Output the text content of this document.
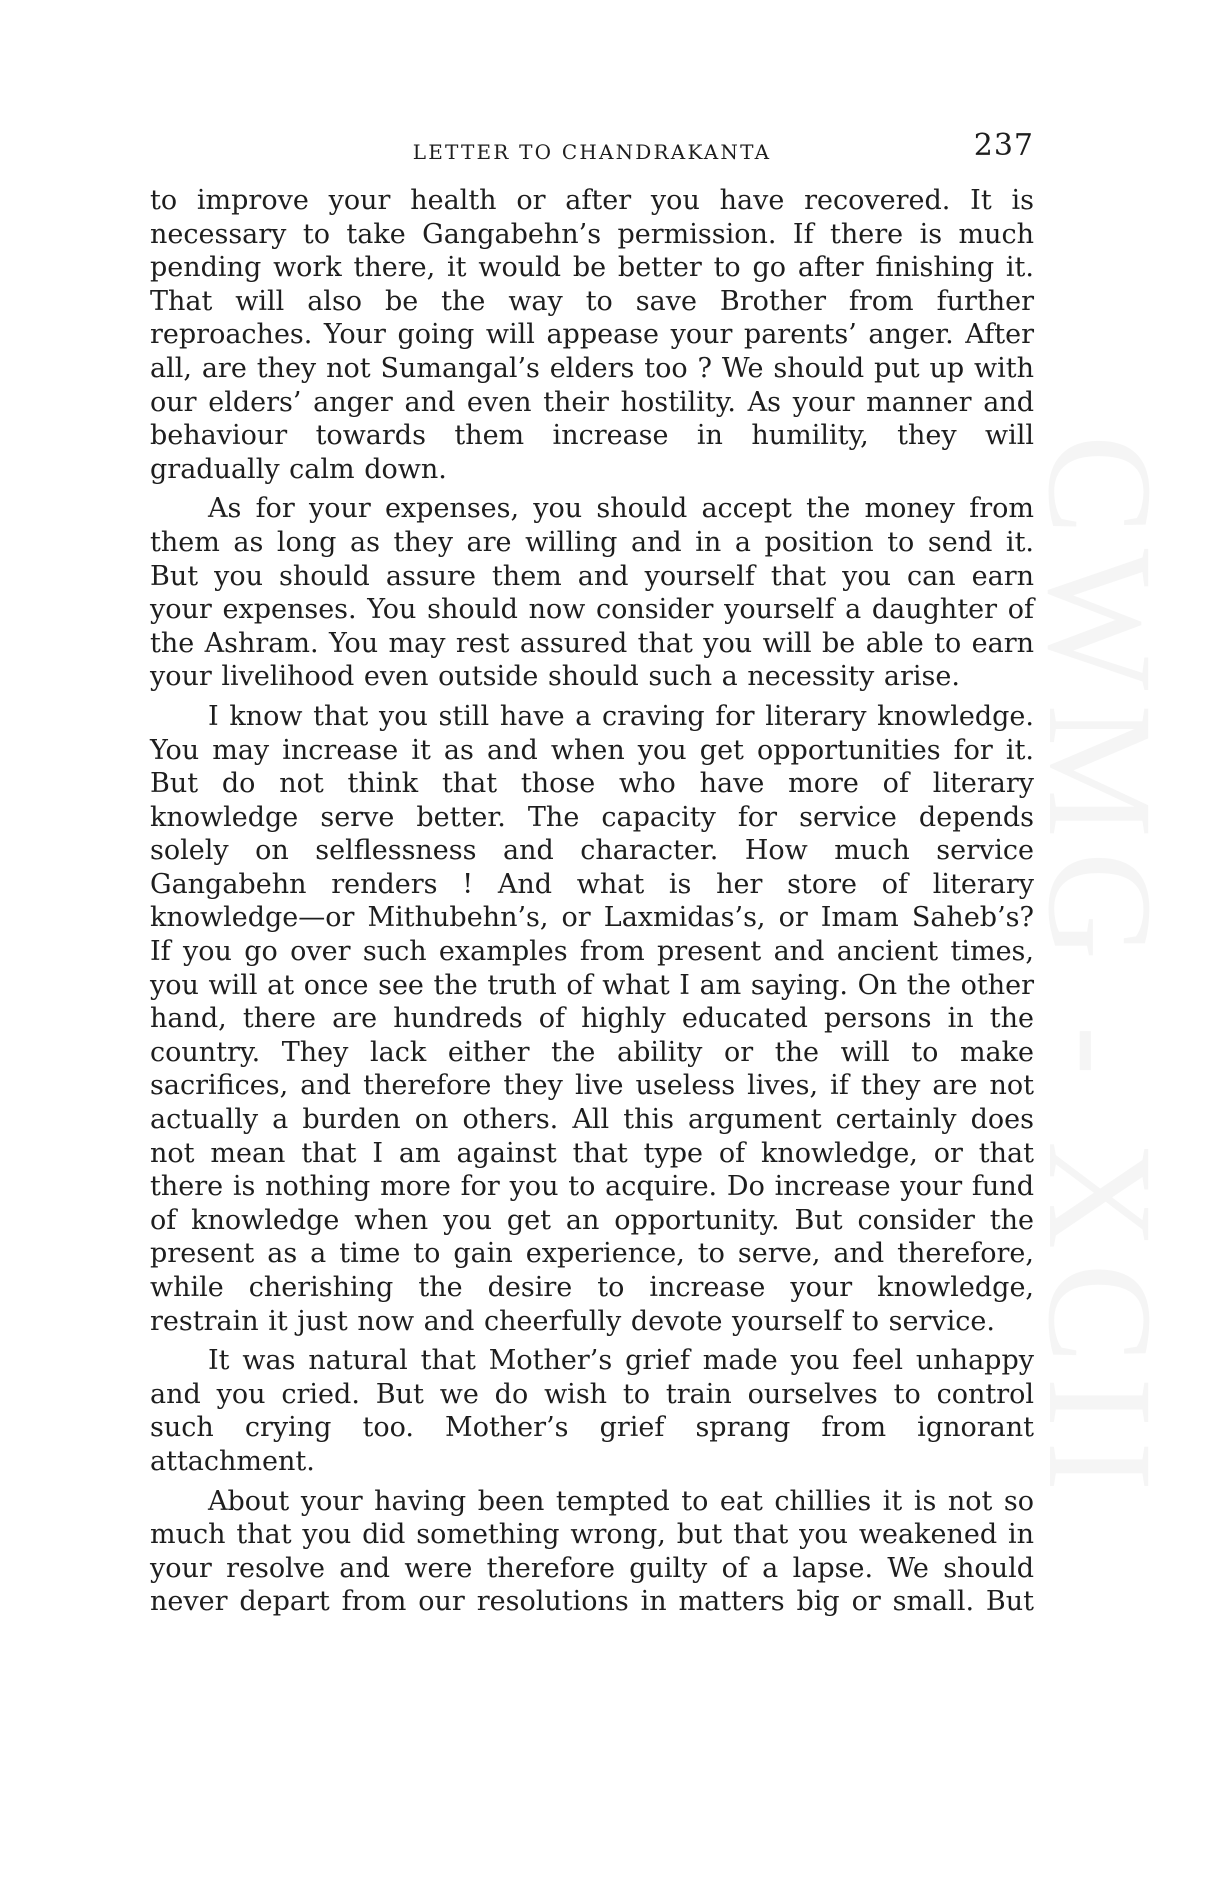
CWMG - XCII
LETTER TO CHANDRAKANTA	237

to improve your health or after you have recovered. It is necessary to take Gangabehn’s permission. If there is much pending work there, it would be better to go after finishing it. That will also be the way to save Brother from further reproaches. Your going will appease your parents’ anger. After all, are they not Sumangal’s elders too ? We should put up with our elders’ anger and even their hostility. As your manner and behaviour towards them increase in humility, they will gradually calm down.

As for your expenses, you should accept the money from them as long as they are willing and in a position to send it. But you should assure them and yourself that you can earn your expenses. You should now consider yourself a daughter of the Ashram. You may rest assured that you will be able to earn your livelihood even outside should such a necessity arise.

I know that you still have a craving for literary knowledge. You may increase it as and when you get opportunities for it. But do not think that those who have more of literary knowledge serve better. The capacity for service depends solely on selflessness and character. How much service Gangabehn renders ! And what is her store of literary knowledge—or Mithubehn’s, or Laxmidas’s, or Imam Saheb’s? If you go over such examples from present and ancient times, you will at once see the truth of what I am saying. On the other hand, there are hundreds of highly educated persons in the country. They lack either the ability or the will to make sacrifices, and therefore they live useless lives, if they are not actually a burden on others. All this argument certainly does not mean that I am against that type of knowledge, or that there is nothing more for you to acquire. Do increase your fund of knowledge when you get an opportunity. But consider the present as a time to gain experience, to serve, and therefore, while cherishing the desire to increase your knowledge, restrain it just now and cheerfully devote yourself to service.

It was natural that Mother’s grief made you feel unhappy and you cried. But we do wish to train ourselves to control such crying too. Mother’s grief sprang from ignorant attachment.

About your having been tempted to eat chillies it is not so much that you did something wrong, but that you weakened in your resolve and were therefore guilty of a lapse. We should never depart from our resolutions in matters big or small. But
